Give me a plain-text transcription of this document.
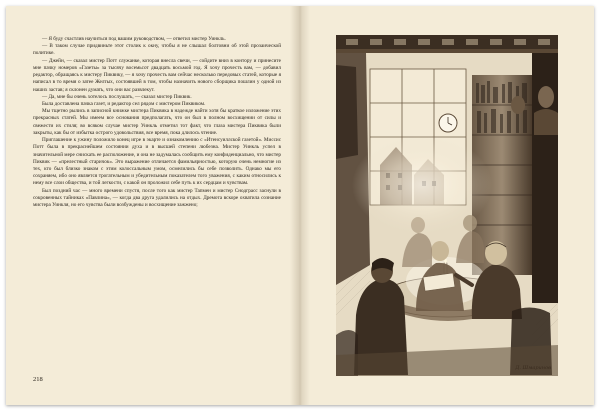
— Я буду счастлив научиться под вашим руководством, — ответил мистер Уинкль.

— В таком случае придвиньте этот столик к окну, чтобы я не слышал болтовни об этой прозаической политике.

— Джейн, — сказал мистер Потт служанке, которая внесла свечи, — сойдите вниз в контору и принесите мне пачку номеров «Газеты» за тысячу восемьсот двадцать восьмой год. Я хочу прочесть вам, — добавил редактор, обращаясь к мистеру Пиквику, — я хочу прочесть вам сейчас несколько передовых статей, которые я написал в то время о затее Желтых, состоявшей в том, чтобы назначить нового сборщика пошлин у одной из наших застав; я склонен думать, что они вас развлекут.

— Да, мне бы очень хотелось послушать, — сказал мистер Пиквик.

Была доставлена пачка газет, и редактор сел рядом с мистером Пиквиком.

Мы тщетно рылись в записной книжке мистера Пиквика в надежде найти хотя бы краткое изложение этих прекрасных статей. Мы имеем все основания предполагать, что он был в полном восхищении от силы и свежести их стиля; во всяком случае мистер Уинкль отметил тот факт, что глаза мистера Пиквика были закрыты, как бы от избытка острого удовольствия, все время, пока длилось чтение.

Приглашение к ужину положило конец игре в экарте и ознакомлению с «Итенсуиллской газетой». Миссис Потт была в прекраснейшем состоянии духа и в высшей степени любезна. Мистер Уинкль успел в значительной мере снискать ее расположение, и она не задумалась сообщить ему конфиденциально, что мистер Пиквик — «прелестный старичок». Это выражение отличается фамильярностью, которую очень немногие из тех, кто был близко знаком с этим колоссальным умом, осмелились бы себе позволить. Однако мы его сохраняем, ибо оно является трогательным и убедительным показателем того уважения, с каким относились к нему все слои общества, и той легкости, с какой он проложил себе путь к их сердцам и чувствам.

Был поздний час — много времени спустя, после того как мистер Тапмен и мистер Снодграсс заснули в сокровенных тайниках «Павлина», — когда два друга удалились на отдых. Дремота вскоре охватила сознание мистера Уинкля, но его чувства были возбуждены и восхищение зажжено;

218
Д. Шмаринов
